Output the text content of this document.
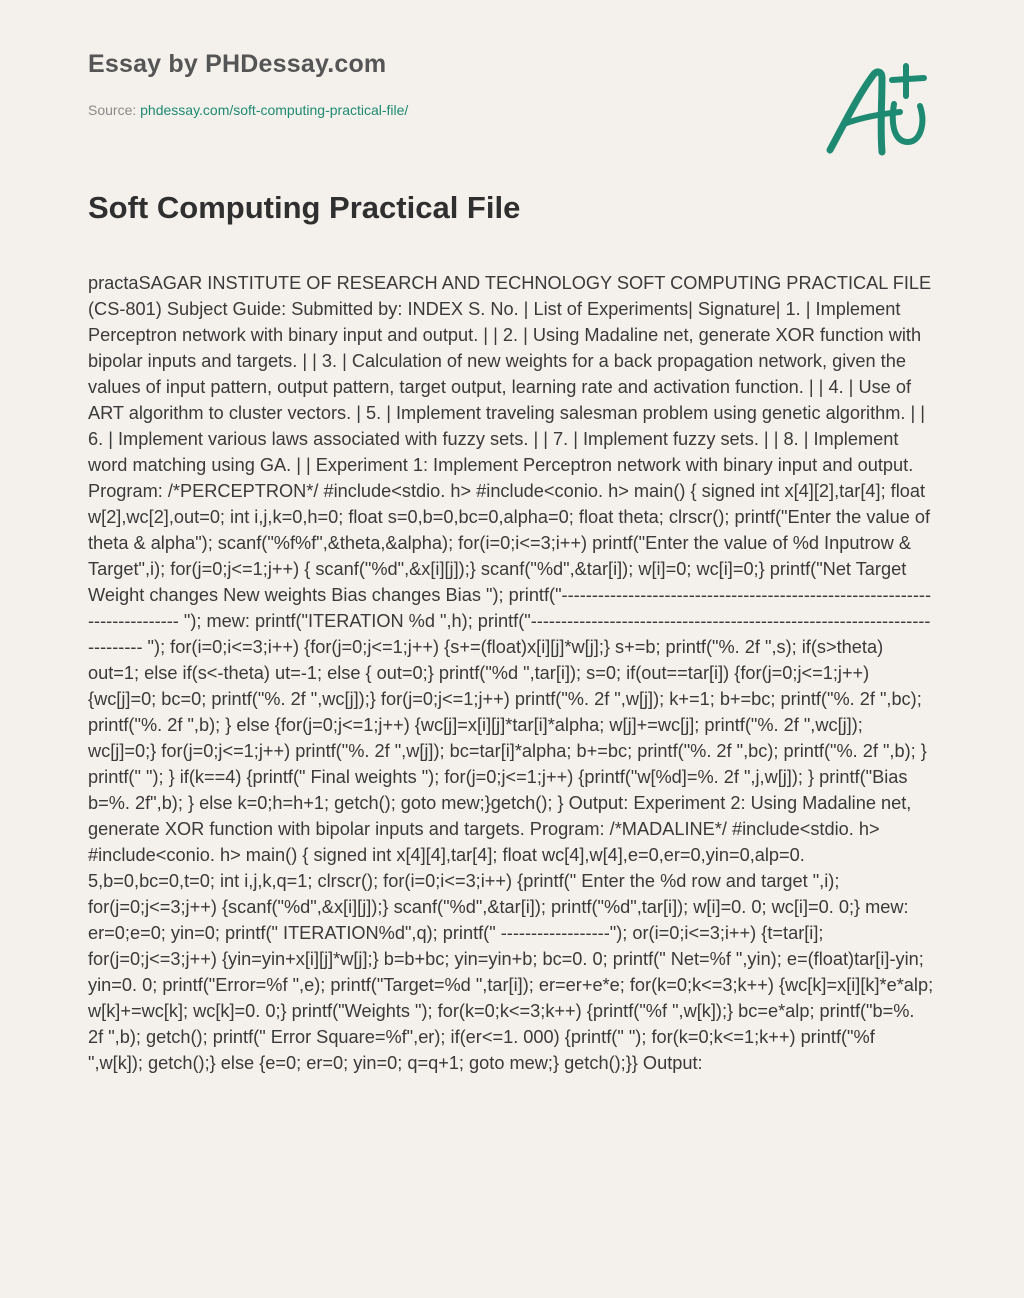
Essay by PHDessay.com
Source: phdessay.com/soft-computing-practical-file/
Soft Computing Practical File

practaSAGAR INSTITUTE OF RESEARCH AND TECHNOLOGY SOFT COMPUTING PRACTICAL FILE (CS-801) Subject Guide: Submitted by: INDEX S. No. | List of Experiments| Signature| 1. | Implement Perceptron network with binary input and output. | | 2. | Using Madaline net, generate XOR function with bipolar inputs and targets. | | 3. | Calculation of new weights for a back propagation network, given the values of input pattern, output pattern, target output, learning rate and activation function. | | 4. | Use of ART algorithm to cluster vectors. | 5. | Implement traveling salesman problem using genetic algorithm. | | 6. | Implement various laws associated with fuzzy sets. | | 7. | Implement fuzzy sets. | | 8. | Implement word matching using GA. | | Experiment 1: Implement Perceptron network with binary input and output. Program: /*PERCEPTRON*/ #include<stdio. h> #include<conio. h> main() { signed int x[4][2],tar[4]; float w[2],wc[2],out=0; int i,j,k=0,h=0; float s=0,b=0,bc=0,alpha=0; float theta; clrscr(); printf("Enter the value of theta & alpha"); scanf("%f%f",&theta,&alpha); for(i=0;i<=3;i++) printf("Enter the value of %d Inputrow & Target",i); for(j=0;j<=1;j++) { scanf("%d",&x[i][j]);} scanf("%d",&tar[i]); w[i]=0; wc[i]=0;} printf("Net Target Weight changes New weights Bias changes Bias "); printf("---------------------------------------------------------------------------- "); mew: printf("ITERATION %d ",h); printf("--------------------------------------------------------------------------- "); for(i=0;i<=3;i++) {for(j=0;j<=1;j++) {s+=(float)x[i][j]*w[j];} s+=b; printf("%. 2f ",s); if(s>theta) out=1; else if(s<-theta) ut=-1; else { out=0;} printf("%d ",tar[i]); s=0; if(out==tar[i]) {for(j=0;j<=1;j++) {wc[j]=0; bc=0; printf("%. 2f ",wc[j]);} for(j=0;j<=1;j++) printf("%. 2f ",w[j]); k+=1; b+=bc; printf("%. 2f ",bc); printf("%. 2f ",b); } else {for(j=0;j<=1;j++) {wc[j]=x[i][j]*tar[i]*alpha; w[j]+=wc[j]; printf("%. 2f ",wc[j]); wc[j]=0;} for(j=0;j<=1;j++) printf("%. 2f ",w[j]); bc=tar[i]*alpha; b+=bc; printf("%. 2f ",bc); printf("%. 2f ",b); } printf(" "); } if(k==4) {printf(" Final weights "); for(j=0;j<=1;j++) {printf("w[%d]=%. 2f ",j,w[j]); } printf("Bias b=%. 2f",b); } else k=0;h=h+1; getch(); goto mew;}getch(); } Output: Experiment 2: Using Madaline net, generate XOR function with bipolar inputs and targets. Program: /*MADALINE*/ #include<stdio. h> #include<conio. h> main() { signed int x[4][4],tar[4]; float wc[4],w[4],e=0,er=0,yin=0,alp=0. 5,b=0,bc=0,t=0; int i,j,k,q=1; clrscr(); for(i=0;i<=3;i++) {printf(" Enter the %d row and target ",i); for(j=0;j<=3;j++) {scanf("%d",&x[i][j]);} scanf("%d",&tar[i]); printf("%d",tar[i]); w[i]=0. 0; wc[i]=0. 0;} mew: er=0;e=0; yin=0; printf(" ITERATION%d",q); printf(" ------------------"); or(i=0;i<=3;i++) {t=tar[i]; for(j=0;j<=3;j++) {yin=yin+x[i][j]*w[j];} b=b+bc; yin=yin+b; bc=0. 0; printf(" Net=%f ",yin); e=(float)tar[i]-yin; yin=0. 0; printf("Error=%f ",e); printf("Target=%d ",tar[i]); er=er+e*e; for(k=0;k<=3;k++) {wc[k]=x[i][k]*e*alp; w[k]+=wc[k]; wc[k]=0. 0;} printf("Weights "); for(k=0;k<=3;k++) {printf("%f ",w[k]);} bc=e*alp; printf("b=%. 2f ",b); getch(); printf(" Error Square=%f",er); if(er<=1. 000) {printf(" "); for(k=0;k<=1;k++) printf("%f ",w[k]); getch();} else {e=0; er=0; yin=0; q=q+1; goto mew;} getch();}} Output:
